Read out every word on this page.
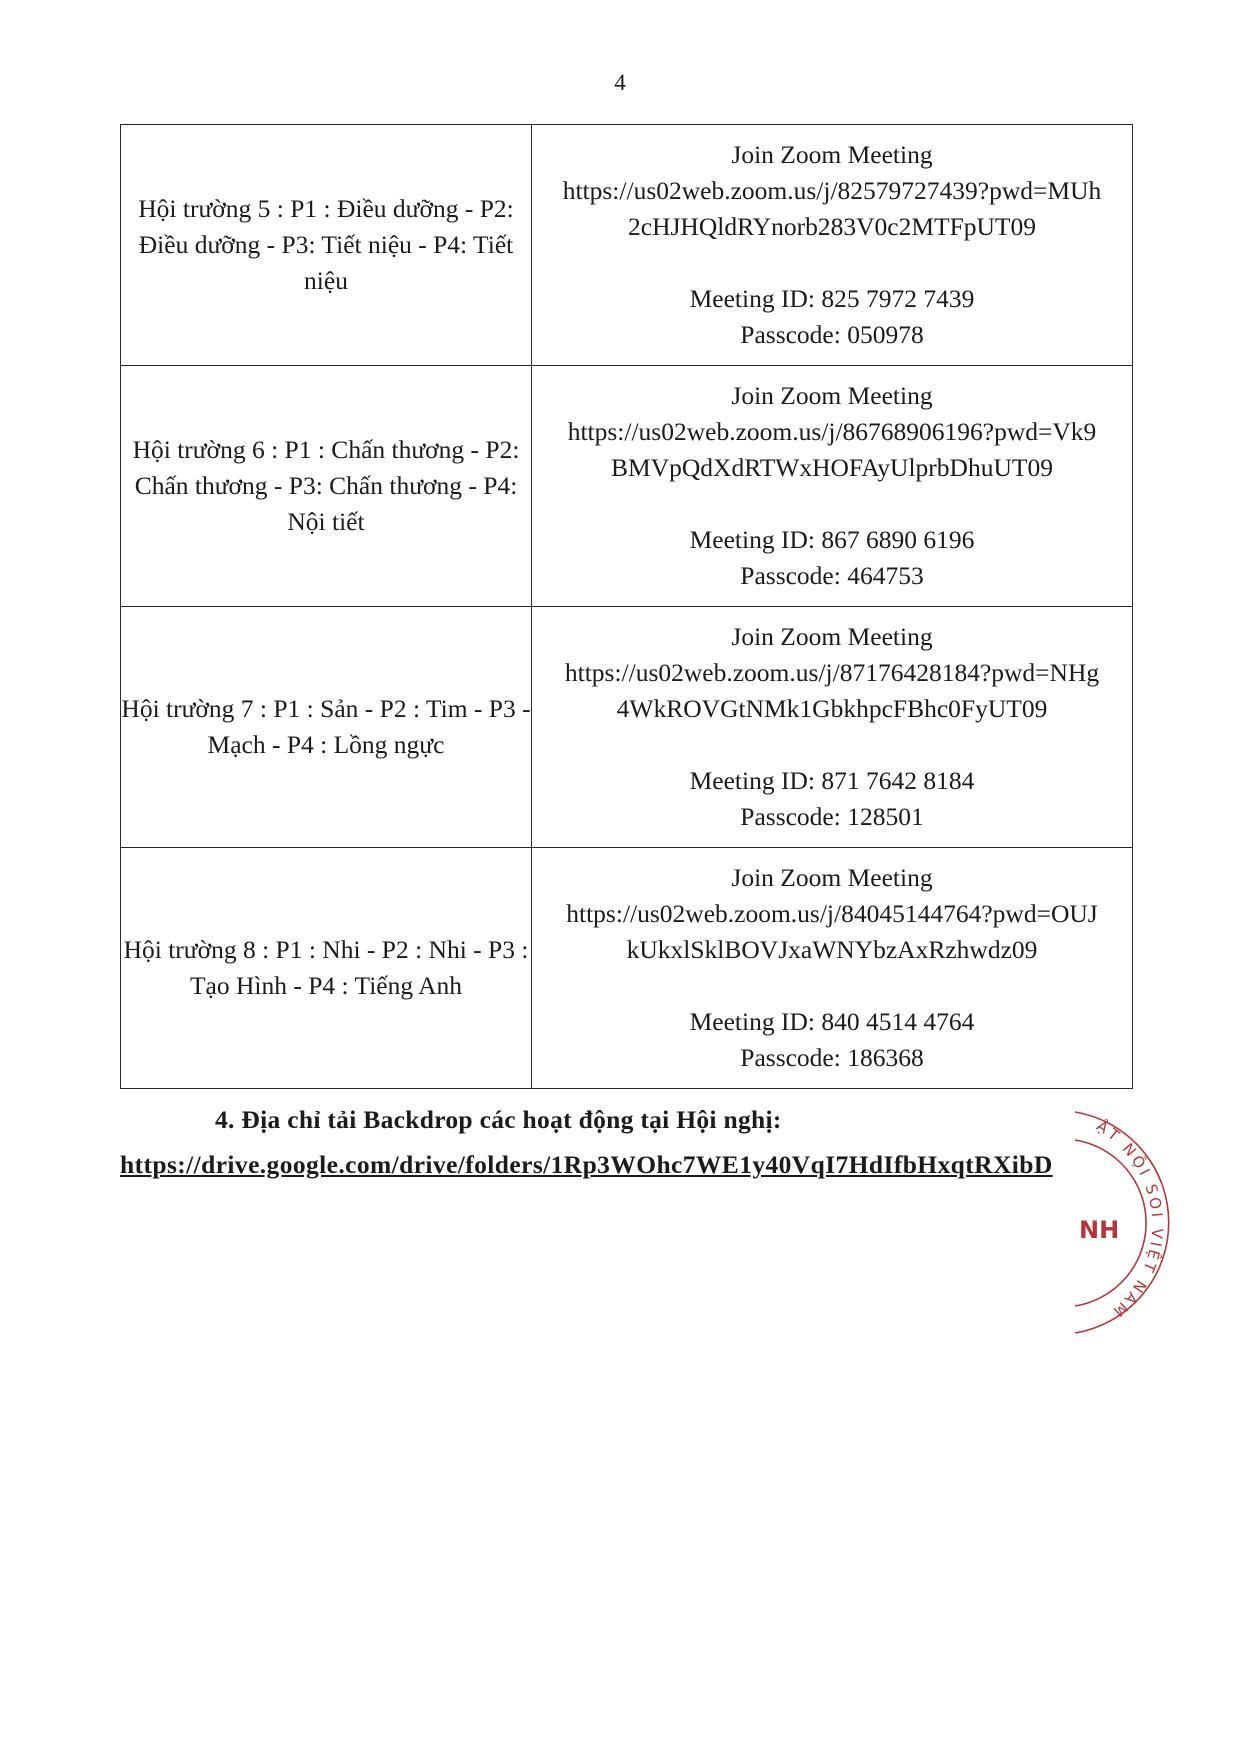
4
Hội trường 5 : P1 : Điều dưỡng - P2: Điều dưỡng - P3: Tiết niệu - P4: Tiết niệu	Join Zoom Meeting
https://us02web.zoom.us/j/82579727439?pwd=MUh
2cHJHQldRYnorb283V0c2MTFpUT09
Meeting ID: 825 7972 7439
Passcode: 050978

Hội trường 6 : P1 : Chấn thương - P2: Chấn thương - P3: Chấn thương - P4: Nội tiết	Join Zoom Meeting
https://us02web.zoom.us/j/86768906196?pwd=Vk9
BMVpQdXdRTWxHOFAyUlprbDhuUT09
Meeting ID: 867 6890 6196
Passcode: 464753

Hội trường 7 : P1 : Sản - P2 : Tim - P3 - Mạch - P4 : Lồng ngực	Join Zoom Meeting
https://us02web.zoom.us/j/87176428184?pwd=NHg
4WkROVGtNMk1GbkhpcFBhc0FyUT09
Meeting ID: 871 7642 8184
Passcode: 128501

Hội trường 8 : P1 : Nhi - P2 : Nhi - P3 : Tạo Hình - P4 : Tiếng Anh	Join Zoom Meeting
https://us02web.zoom.us/j/84045144764?pwd=OUJ
kUkxlSklBOVJxaWNYbzAxRzhwdz09
Meeting ID: 840 4514 4764
Passcode: 186368
4. Địa chỉ tải Backdrop các hoạt động tại Hội nghị:
https://drive.google.com/drive/folders/1Rp3WOhc7WE1y40VqI7HdIfbHxqtRXibD
ẬT NỘI SOI VIỆT NAM
NH
